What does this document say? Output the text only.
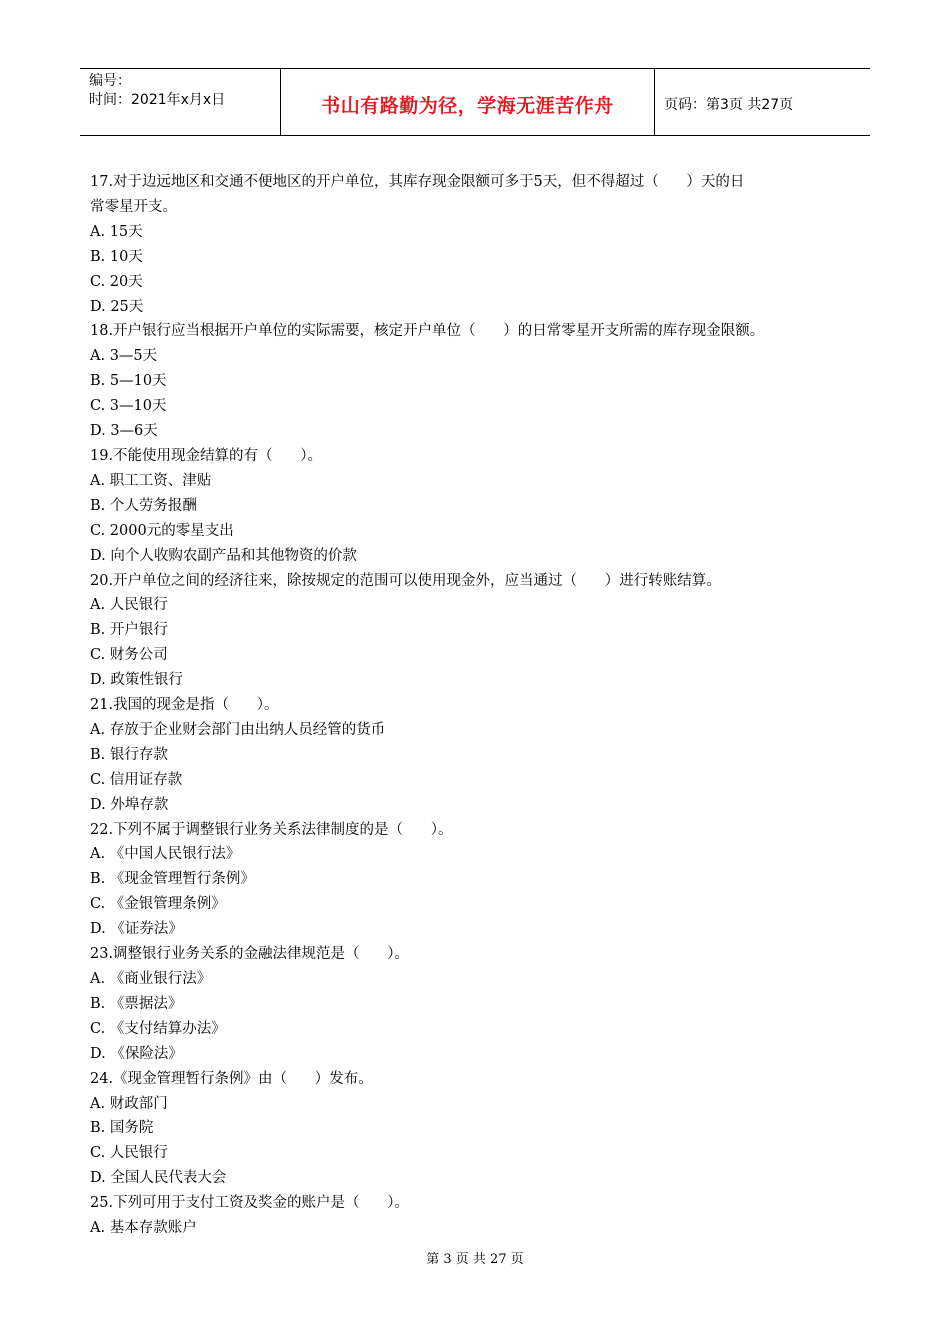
编号：
时间：2021年x月x日	书山有路勤为径，学海无涯苦作舟	页码：第3页 共27页
17.对于边远地区和交通不便地区的开户单位，其库存现金限额可多于5天，但不得超过（      ）天的日
常零星开支。
A. 15天
B. 10天
C. 20天
D. 25天
18.开户银行应当根据开户单位的实际需要，核定开户单位（      ）的日常零星开支所需的库存现金限额。
A. 3—5天
B. 5—10天
C. 3—10天
D. 3—6天
19.不能使用现金结算的有（      ）。
A. 职工工资、津贴
B. 个人劳务报酬
C. 2000元的零星支出
D. 向个人收购农副产品和其他物资的价款
20.开户单位之间的经济往来，除按规定的范围可以使用现金外，应当通过（      ）进行转账结算。
A. 人民银行
B. 开户银行
C. 财务公司
D. 政策性银行
21.我国的现金是指（      ）。
A. 存放于企业财会部门由出纳人员经管的货币
B. 银行存款
C. 信用证存款
D. 外埠存款
22.下列不属于调整银行业务关系法律制度的是（      ）。
A. 《中国人民银行法》
B. 《现金管理暂行条例》
C. 《金银管理条例》
D. 《证券法》
23.调整银行业务关系的金融法律规范是（      ）。
A. 《商业银行法》
B. 《票据法》
C. 《支付结算办法》
D. 《保险法》
24.《现金管理暂行条例》由（      ）发布。
A. 财政部门
B. 国务院
C. 人民银行
D. 全国人民代表大会
25.下列可用于支付工资及奖金的账户是（      ）。
A. 基本存款账户
第 3 页 共 27 页
